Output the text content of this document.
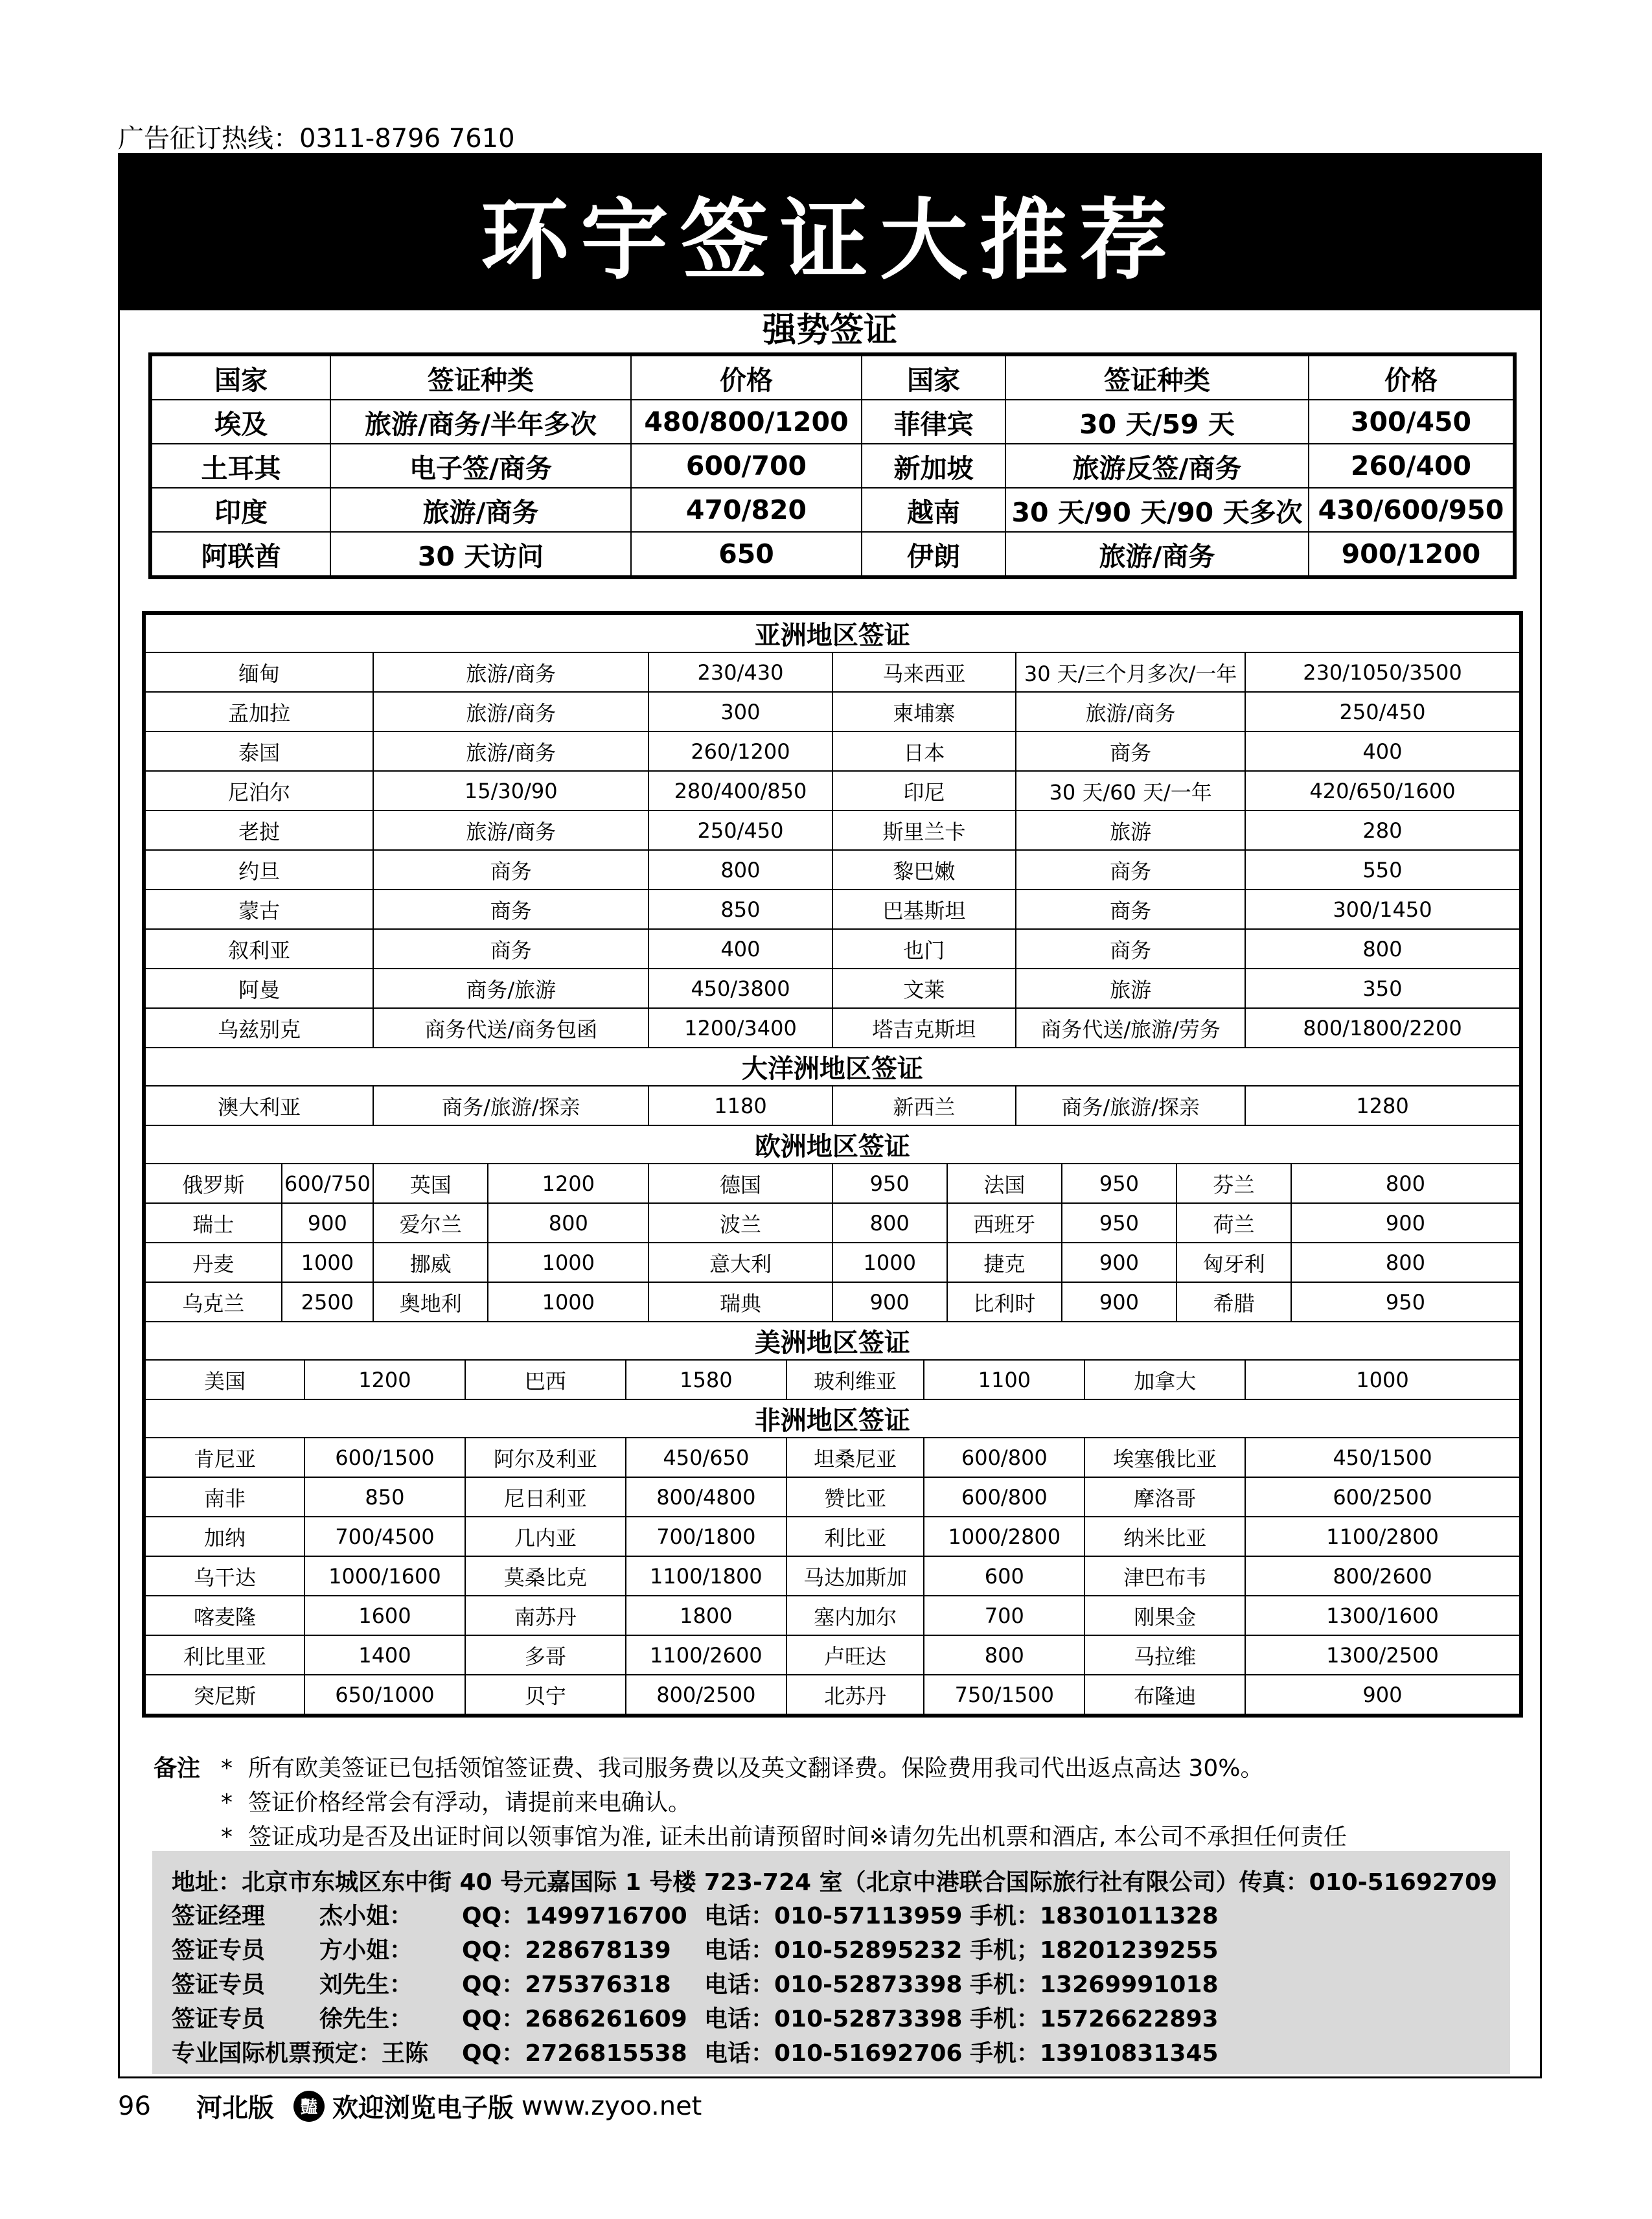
广告征订热线：0311-8796 7610
环宇签证大推荐
强势签证
国家	签证种类	价格	国家	签证种类	价格
埃及	旅游/商务/半年多次	480/800/1200	菲律宾	30 天/59 天	300/450
土耳其	电子签/商务	600/700	新加坡	旅游反签/商务	260/400
印度	旅游/商务	470/820	越南	30 天/90 天/90 天多次	430/600/950
阿联酋	30 天访问	650	伊朗	旅游/商务	900/1200
亚洲地区签证																	
缅甸			旅游/商务				230/430		马来西亚			30 天/三个月多次/一年				230/1050/3500	
孟加拉			旅游/商务				300		柬埔寨			旅游/商务				250/450	
泰国			旅游/商务				260/1200		日本			商务				400	
尼泊尔			15/30/90				280/400/850		印尼			30 天/60 天/一年				420/650/1600	
老挝			旅游/商务				250/450		斯里兰卡			旅游				280	
约旦			商务				800		黎巴嫩			商务				550	
蒙古			商务				850		巴基斯坦			商务				300/1450	
叙利亚			商务				400		也门			商务				800	
阿曼			商务/旅游				450/3800		文莱			旅游				350	
乌兹别克			商务代送/商务包函				1200/3400		塔吉克斯坦			商务代送/旅游/劳务				800/1800/2200	
大洋洲地区签证																	
澳大利亚			商务/旅游/探亲				1180		新西兰			商务/旅游/探亲				1280	
欧洲地区签证																	
俄罗斯	600/750		英国		1200		德国		950		法国		950		芬兰		800
瑞士	900		爱尔兰		800		波兰		800		西班牙		950		荷兰		900
丹麦	1000		挪威		1000		意大利		1000		捷克		900		匈牙利		800
乌克兰	2500		奥地利		1000		瑞典		900		比利时		900		希腊		950
美洲地区签证																	
美国		1200		巴西		1580		玻利维亚		1100				加拿大		1000	
非洲地区签证																	
肯尼亚		600/1500		阿尔及利亚		450/650		坦桑尼亚		600/800				埃塞俄比亚		450/1500	
南非		850		尼日利亚		800/4800		赞比亚		600/800				摩洛哥		600/2500	
加纳		700/4500		几内亚		700/1800		利比亚		1000/2800				纳米比亚		1100/2800	
乌干达		1000/1600		莫桑比克		1100/1800		马达加斯加		600				津巴布韦		800/2600	
喀麦隆		1600		南苏丹		1800		塞内加尔		700				刚果金		1300/1600	
利比里亚		1400		多哥		1100/2600		卢旺达		800				马拉维		1300/2500	
突尼斯		650/1000		贝宁		800/2500		北苏丹		750/1500				布隆迪		900	
备注 * 所有欧美签证已包括领馆签证费、我司服务费以及英文翻译费。保险费用我司代出返点高达 30%。
* 签证价格经常会有浮动，请提前来电确认。
* 签证成功是否及出证时间以领事馆为准, 证未出前请预留时间※请勿先出机票和酒店, 本公司不承担任何责任
地址：北京市东城区东中街 40 号元嘉国际 1 号楼 723-724 室（北京中港联合国际旅行社有限公司）传真：010-51692709
签证经理 杰小姐： QQ：1499716700 电话：010-57113959 手机：18301011328
签证专员 方小姐： QQ：228678139 电话：010-52895232 手机；18201239255
签证专员 刘先生： QQ：275376318 电话：010-52873398 手机：13269991018
签证专员 徐先生： QQ：2686261609 电话：010-52873398 手机：15726622893
专业国际机票预定：王陈 QQ：2726815538 电话：010-51692706 手机：13910831345
96 河北版	豔 欢迎浏览电子版 www.zyoo.net
